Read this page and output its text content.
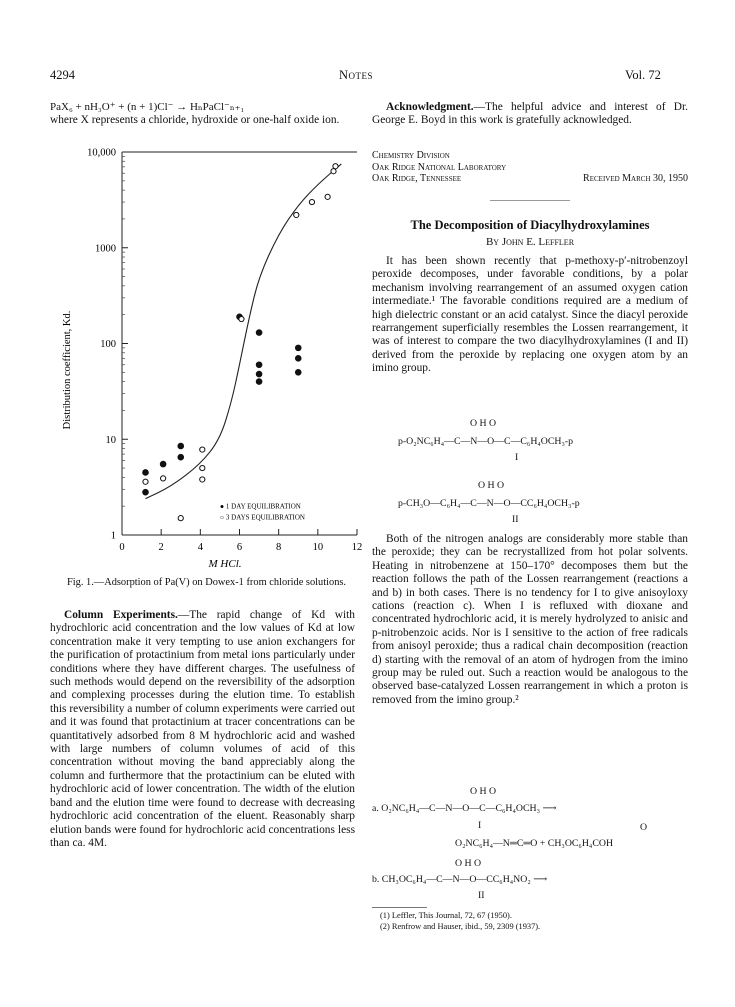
4294	Notes	Vol. 72

PaX₆ + nH₃O⁺ + (n + 1)Cl⁻ → HₙPaCl⁻ₙ₊₁

where X represents a chloride, hydroxide or one-half oxide ion.

Distribution coefficient, Kd.
1
10
100
1000
10,000
0	2	4	6	8	10	12
● 1 DAY EQUILIBRATION
○ 3 DAYS EQUILIBRATION
M HCl.
Fig. 1.—Adsorption of Pa(V) on Dowex-1 from chloride solutions.

Column Experiments.—The rapid change of Kd with hydrochloric acid concentration and the low values of Kd at low concentration make it very tempting to use anion exchangers for the purification of protactinium from metal ions particularly under conditions where they have different charges. The usefulness of such methods would depend on the reversibility of the adsorption and complexing processes during the elution time. To establish this reversibility a number of column experiments were carried out and it was found that protactinium at tracer concentrations can be quantitatively adsorbed from 8 M hydrochloric acid and washed with large numbers of column volumes of acid of this concentration without moving the band appreciably along the column and furthermore that the protactinium can be eluted with hydrochloric acid of lower concentration. The width of the elution band and the elution time were found to decrease with decreasing hydrochloric acid concentration of the eluent. Reasonably sharp elution bands were found for hydrochloric acid concentrations less than ca. 4M.

Acknowledgment.—The helpful advice and interest of Dr. George E. Boyd in this work is gratefully acknowledged.

Chemistry Division
Oak Ridge National Laboratory
Oak Ridge, Tennessee	Received March 30, 1950
The Decomposition of Diacylhydroxylamines
By John E. Leffler

It has been shown recently that p-methoxy-p′-nitrobenzoyl peroxide decomposes, under favorable conditions, by a polar mechanism involving rearrangement of an assumed oxygen cation intermediate.¹ The favorable conditions required are a medium of high dielectric constant or an acid catalyst. Since the diacyl peroxide rearrangement superficially resembles the Lossen rearrangement, it was of interest to compare the two diacylhydroxylamines (I and II) derived from the peroxide by replacing one oxygen atom by an imino group.

O H O
p-O₂NC₆H₄—C—N—O—C—C₆H₄OCH₃-p
I
O H O
p-CH₃O—C₆H₄—C—N—O—CC₆H₄OCH₃-p
II

Both of the nitrogen analogs are considerably more stable than the peroxide; they can be recrystallized from hot polar solvents. Heating in nitrobenzene at 150–170° decomposes them but the reaction follows the path of the Lossen rearrangement (reactions a and b) in both cases. There is no tendency for I to give anisoyloxy cations (reaction c). When I is refluxed with dioxane and concentrated hydrochloric acid, it is merely hydrolyzed to anisic and p-nitrobenzoic acids. Nor is I sensitive to the action of free radicals from anisoyl peroxide; thus a radical chain decomposition (reaction d) starting with the removal of an atom of hydrogen from the imino group may be ruled out. Such a reaction would be analogous to the observed base-catalyzed Lossen rearrangement in which a proton is removed from the imino group.²

O H O
a. O₂NC₆H₄—C—N—O—C—C₆H₄OCH₃ ⟶
I	O
O₂NC₆H₄—N═C═O + CH₃OC₆H₄COH
O H O
b. CH₃OC₆H₄—C—N—O—CC₆H₄NO₂ ⟶
II
(1) Leffler, This Journal, 72, 67 (1950).
(2) Renfrow and Hauser, ibid., 59, 2309 (1937).
